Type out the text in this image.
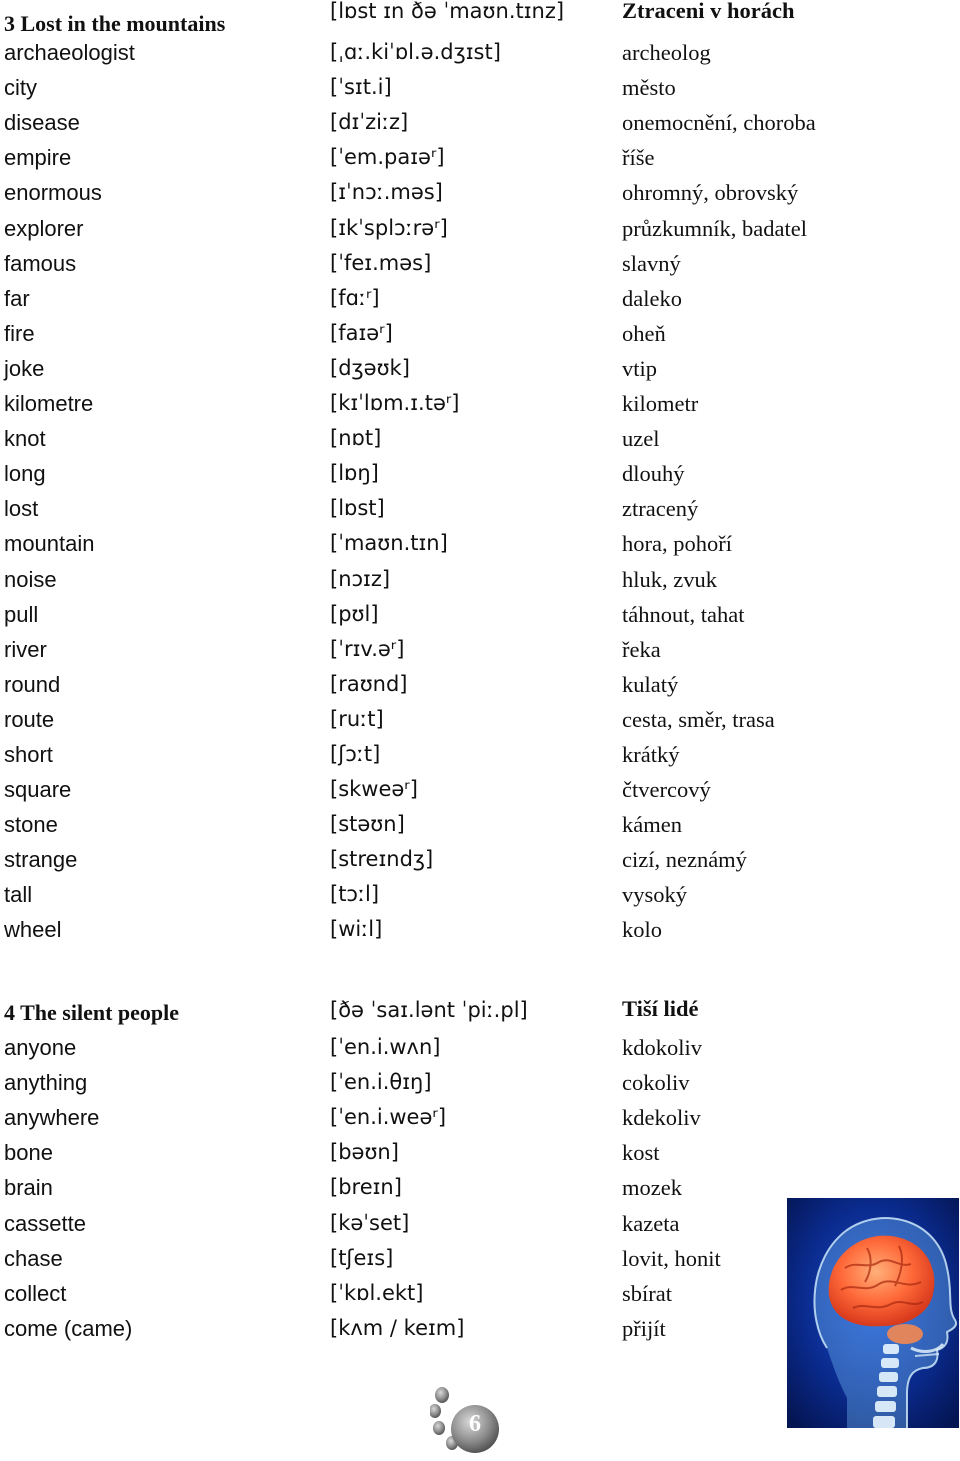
3 Lost in the mountains	[lɒst ɪn ðə ˈmaʊn.tɪnz]	Ztraceni v horách
archaeologist	[ˌɑː.kiˈɒl.ə.dʒɪst]	archeolog
city	[ˈsɪt.i]	město
disease	[dɪˈziːz]	onemocnění, choroba
empire	[ˈem.paɪəʳ]	říše
enormous	[ɪˈnɔː.məs]	ohromný, obrovský
explorer	[ɪkˈsplɔːrəʳ]	průzkumník, badatel
famous	[ˈfeɪ.məs]	slavný
far	[fɑːʳ]	daleko
fire	[faɪəʳ]	oheň
joke	[dʒəʊk]	vtip
kilometre	[kɪˈlɒm.ɪ.təʳ]	kilometr
knot	[nɒt]	uzel
long	[lɒŋ]	dlouhý
lost	[lɒst]	ztracený
mountain	[ˈmaʊn.tɪn]	hora, pohoří
noise	[nɔɪz]	hluk, zvuk
pull	[pʊl]	táhnout, tahat
river	[ˈrɪv.əʳ]	řeka
round	[raʊnd]	kulatý
route	[ruːt]	cesta, směr, trasa
short	[ʃɔːt]	krátký
square	[skweəʳ]	čtvercový
stone	[stəʊn]	kámen
strange	[streɪndʒ]	cizí, neznámý
tall	[tɔːl]	vysoký
wheel	[wiːl]	kolo
4 The silent people	[ðə ˈsaɪ.lənt ˈpiː.pl]	Tiší lidé
anyone	[ˈen.i.wʌn]	kdokoliv
anything	[ˈen.i.θɪŋ]	cokoliv
anywhere	[ˈen.i.weəʳ]	kdekoliv
bone	[bəʊn]	kost
brain	[breɪn]	mozek
cassette	[kəˈset]	kazeta
chase	[tʃeɪs]	lovit, honit
collect	[ˈkɒl.ekt]	sbírat
come (came)	[kʌm / keɪm]	přijít
6
